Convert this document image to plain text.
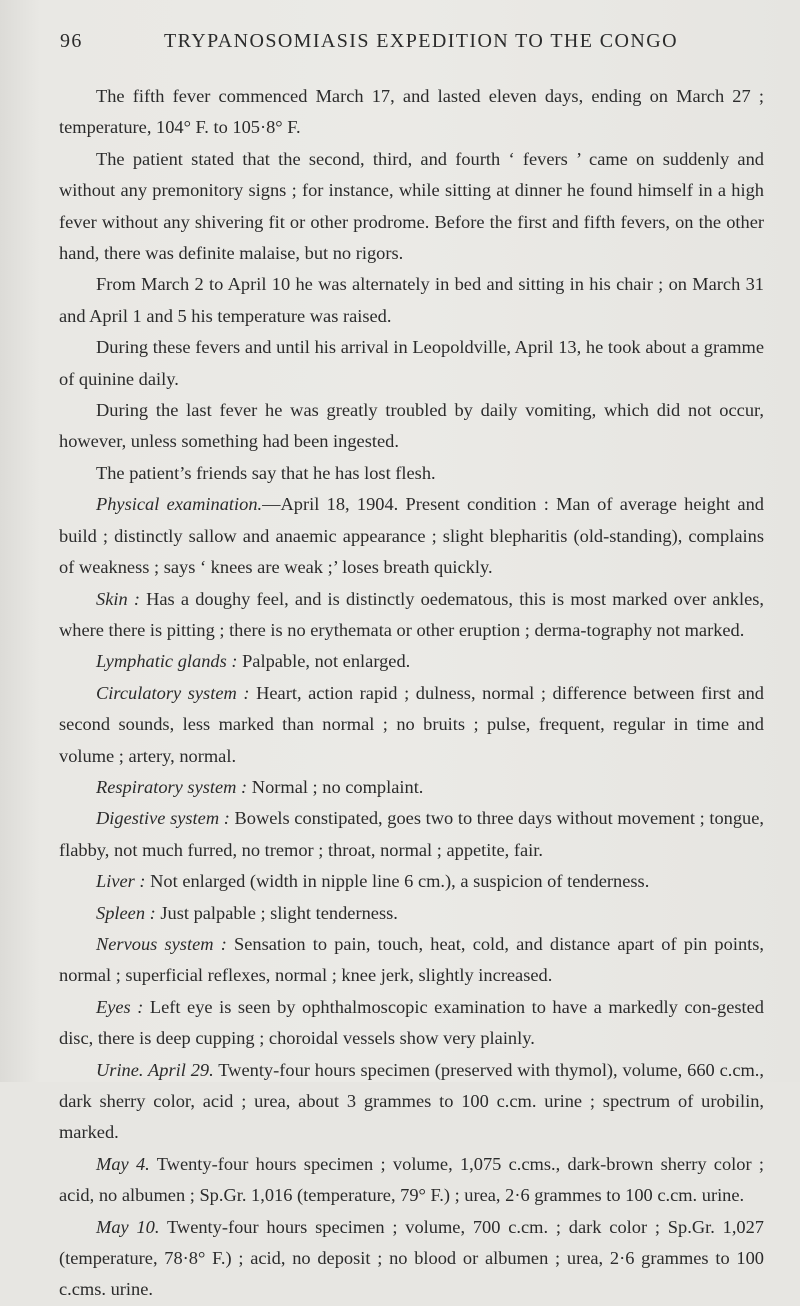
96	TRYPANOSOMIASIS EXPEDITION TO THE CONGO

The fifth fever commenced March 17, and lasted eleven days, ending on March 27 ; temperature, 104° F. to 105·8° F.

The patient stated that the second, third, and fourth ‘ fevers ’ came on suddenly and without any premonitory signs ; for instance, while sitting at dinner he found himself in a high fever without any shivering fit or other prodrome. Before the first and fifth fevers, on the other hand, there was definite malaise, but no rigors.

From March 2 to April 10 he was alternately in bed and sitting in his chair ; on March 31 and April 1 and 5 his temperature was raised.

During these fevers and until his arrival in Leopoldville, April 13, he took about a gramme of quinine daily.

During the last fever he was greatly troubled by daily vomiting, which did not occur, however, unless something had been ingested.

The patient’s friends say that he has lost flesh.

Physical examination.—April 18, 1904. Present condition : Man of average height and build ; distinctly sallow and anaemic appearance ; slight blepharitis (old-standing), complains of weakness ; says ‘ knees are weak ;’ loses breath quickly.

Skin : Has a doughy feel, and is distinctly oedematous, this is most marked over ankles, where there is pitting ; there is no erythemata or other eruption ; derma-tography not marked.

Lymphatic glands : Palpable, not enlarged.

Circulatory system : Heart, action rapid ; dulness, normal ; difference between first and second sounds, less marked than normal ; no bruits ; pulse, frequent, regular in time and volume ; artery, normal.

Respiratory system : Normal ; no complaint.

Digestive system : Bowels constipated, goes two to three days without movement ; tongue, flabby, not much furred, no tremor ; throat, normal ; appetite, fair.

Liver : Not enlarged (width in nipple line 6 cm.), a suspicion of tenderness.

Spleen : Just palpable ; slight tenderness.

Nervous system : Sensation to pain, touch, heat, cold, and distance apart of pin points, normal ; superficial reflexes, normal ; knee jerk, slightly increased.

Eyes : Left eye is seen by ophthalmoscopic examination to have a markedly con-gested disc, there is deep cupping ; choroidal vessels show very plainly.

Urine. April 29. Twenty-four hours specimen (preserved with thymol), volume, 660 c.cm., dark sherry color, acid ; urea, about 3 grammes to 100 c.cm. urine ; spectrum of urobilin, marked.

May 4. Twenty-four hours specimen ; volume, 1,075 c.cms., dark-brown sherry color ; acid, no albumen ; Sp.Gr. 1,016 (temperature, 79° F.) ; urea, 2·6 grammes to 100 c.cm. urine.

May 10. Twenty-four hours specimen ; volume, 700 c.cm. ; dark color ; Sp.Gr. 1,027 (temperature, 78·8° F.) ; acid, no deposit ; no blood or albumen ; urea, 2·6 grammes to 100 c.cms. urine.
